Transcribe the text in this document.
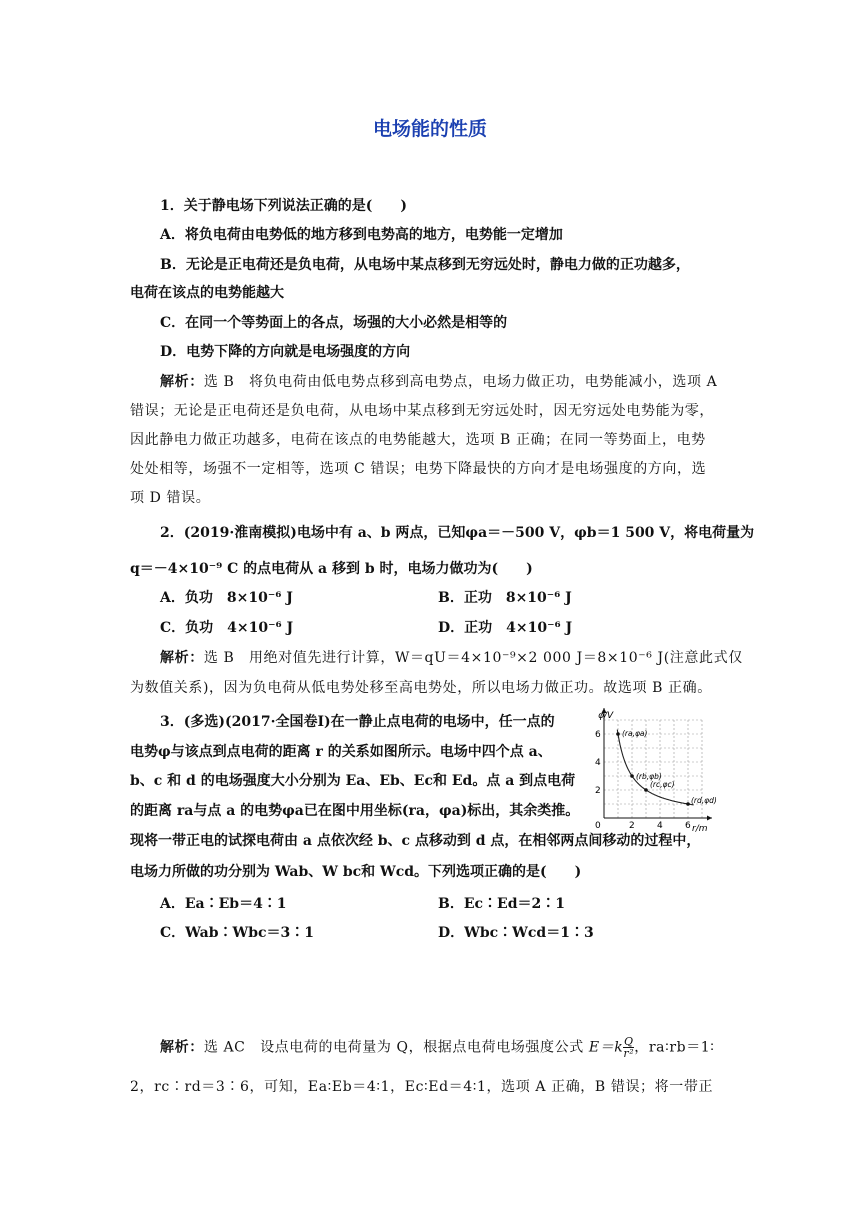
电场能的性质
1．关于静电场下列说法正确的是(　　)
A．将负电荷由电势低的地方移到电势高的地方，电势能一定增加
B．无论是正电荷还是负电荷，从电场中某点移到无穷远处时，静电力做的正功越多，
电荷在该点的电势能越大
C．在同一个等势面上的各点，场强的大小必然是相等的
D．电势下降的方向就是电场强度的方向
解析：选 B　将负电荷由低电势点移到高电势点，电场力做正功，电势能减小，选项 A
错误；无论是正电荷还是负电荷，从电场中某点移到无穷远处时，因无穷远处电势能为零，
因此静电力做正功越多，电荷在该点的电势能越大，选项 B 正确；在同一等势面上，电势
处处相等，场强不一定相等，选项 C 错误；电势下降最快的方向才是电场强度的方向，选
项 D 错误。
2．(2019·淮南模拟)电场中有 a、b 两点，已知φa＝－500 V，φb＝1 500 V，将电荷量为
q＝－4×10⁻⁹ C 的点电荷从 a 移到 b 时，电场力做功为(　　)
A．负功　8×10⁻⁶ J	B．正功　8×10⁻⁶ J
C．负功　4×10⁻⁶ J	D．正功　4×10⁻⁶ J
解析：选 B　用绝对值先进行计算，W＝qU＝4×10⁻⁹×2 000 J＝8×10⁻⁶ J(注意此式仅
为数值关系)，因为负电荷从低电势处移至高电势处，所以电场力做正功。故选项 B 正确。
3．(多选)(2017·全国卷Ⅰ)在一静止点电荷的电场中，任一点的
电势φ与该点到点电荷的距离 r 的关系如图所示。电场中四个点 a、
b、c 和 d 的电场强度大小分别为 Ea、Eb、Ec和 Ed。点 a 到点电荷
的距离 ra与点 a 的电势φa已在图中用坐标(ra，φa)标出，其余类推。
现将一带正电的试探电荷由 a 点依次经 b、c 点移动到 d 点，在相邻两点间移动的过程中，
电场力所做的功分别为 Wab、W bc和 Wcd。下列选项正确的是(　　)
A．Ea∶Eb＝4∶1	B．Ec∶Ed＝2∶1
C．Wab∶Wbc＝3∶1	D．Wbc∶Wcd＝1∶3
(ra,φa)
(rb,φb)
(rc,φc)
(rd,φd)
0	2 4 6
2
4
6
φ/V
r/m
解析：选 AC　设点电荷的电荷量为 Q，根据点电荷电场强度公式 $E=k \frac{Q}{\text{r²}}$ ，ra∶rb＝1∶
2，rc∶rd＝3∶6，可知，Ea∶Eb＝4∶1，Ec∶Ed＝4∶1，选项 A 正确，B 错误；将一带正
